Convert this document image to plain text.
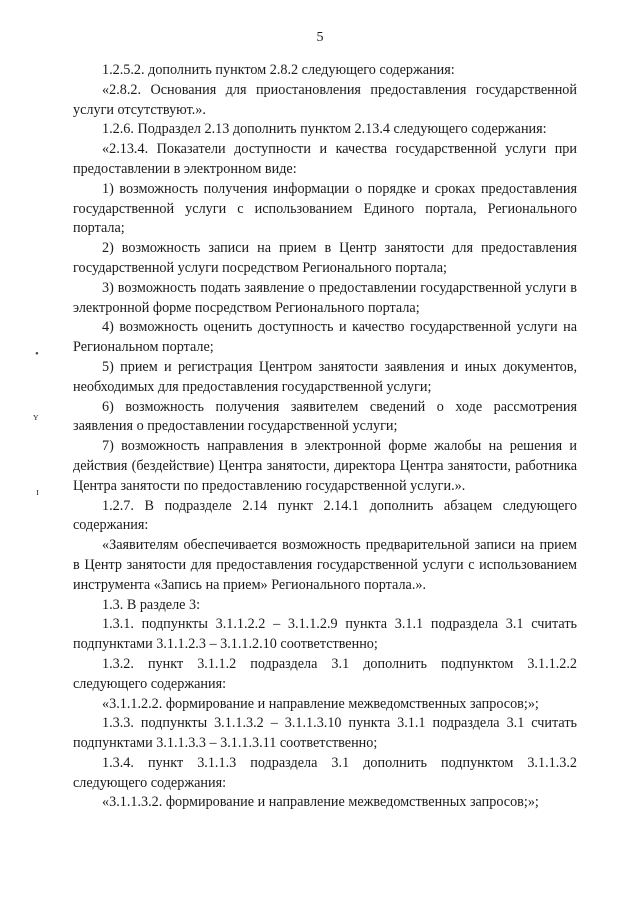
5
•
ʏ
ɪ

1.2.5.2. дополнить пунктом 2.8.2 следующего содержания:

«2.8.2. Основания для приостановления предоставления государственной услуги отсутствуют.».

1.2.6. Подраздел 2.13 дополнить пунктом 2.13.4 следующего содержания:

«2.13.4. Показатели доступности и качества государственной услуги при предоставлении в электронном виде:

1) возможность получения информации о порядке и сроках предоставления государственной услуги с использованием Единого портала, Регионального портала;

2) возможность записи на прием в Центр занятости для предоставления государственной услуги посредством Регионального портала;

3) возможность подать заявление о предоставлении государственной услуги в электронной форме посредством Регионального портала;

4) возможность оценить доступность и качество государственной услуги на Региональном портале;

5) прием и регистрация Центром занятости заявления и иных документов, необходимых для предоставления государственной услуги;

6) возможность получения заявителем сведений о ходе рассмотрения заявления о предоставлении государственной услуги;

7) возможность направления в электронной форме жалобы на решения и действия (бездействие) Центра занятости, директора Центра занятости, работника Центра занятости по предоставлению государственной услуги.».

1.2.7. В подразделе 2.14 пункт 2.14.1 дополнить абзацем следующего содержания:

«Заявителям обеспечивается возможность предварительной записи на прием в Центр занятости для предоставления государственной услуги с использованием инструмента «Запись на прием» Регионального портала.».

1.3. В разделе 3:

1.3.1. подпункты 3.1.1.2.2 – 3.1.1.2.9 пункта 3.1.1 подраздела 3.1 считать подпунктами 3.1.1.2.3 – 3.1.1.2.10 соответственно;

1.3.2. пункт 3.1.1.2 подраздела 3.1 дополнить подпунктом 3.1.1.2.2 следующего содержания:

«3.1.1.2.2. формирование и направление межведомственных запросов;»;

1.3.3. подпункты 3.1.1.3.2 – 3.1.1.3.10 пункта 3.1.1 подраздела 3.1 считать подпунктами 3.1.1.3.3 – 3.1.1.3.11 соответственно;

1.3.4. пункт 3.1.1.3 подраздела 3.1 дополнить подпунктом 3.1.1.3.2 следующего содержания:

«3.1.1.3.2. формирование и направление межведомственных запросов;»;
